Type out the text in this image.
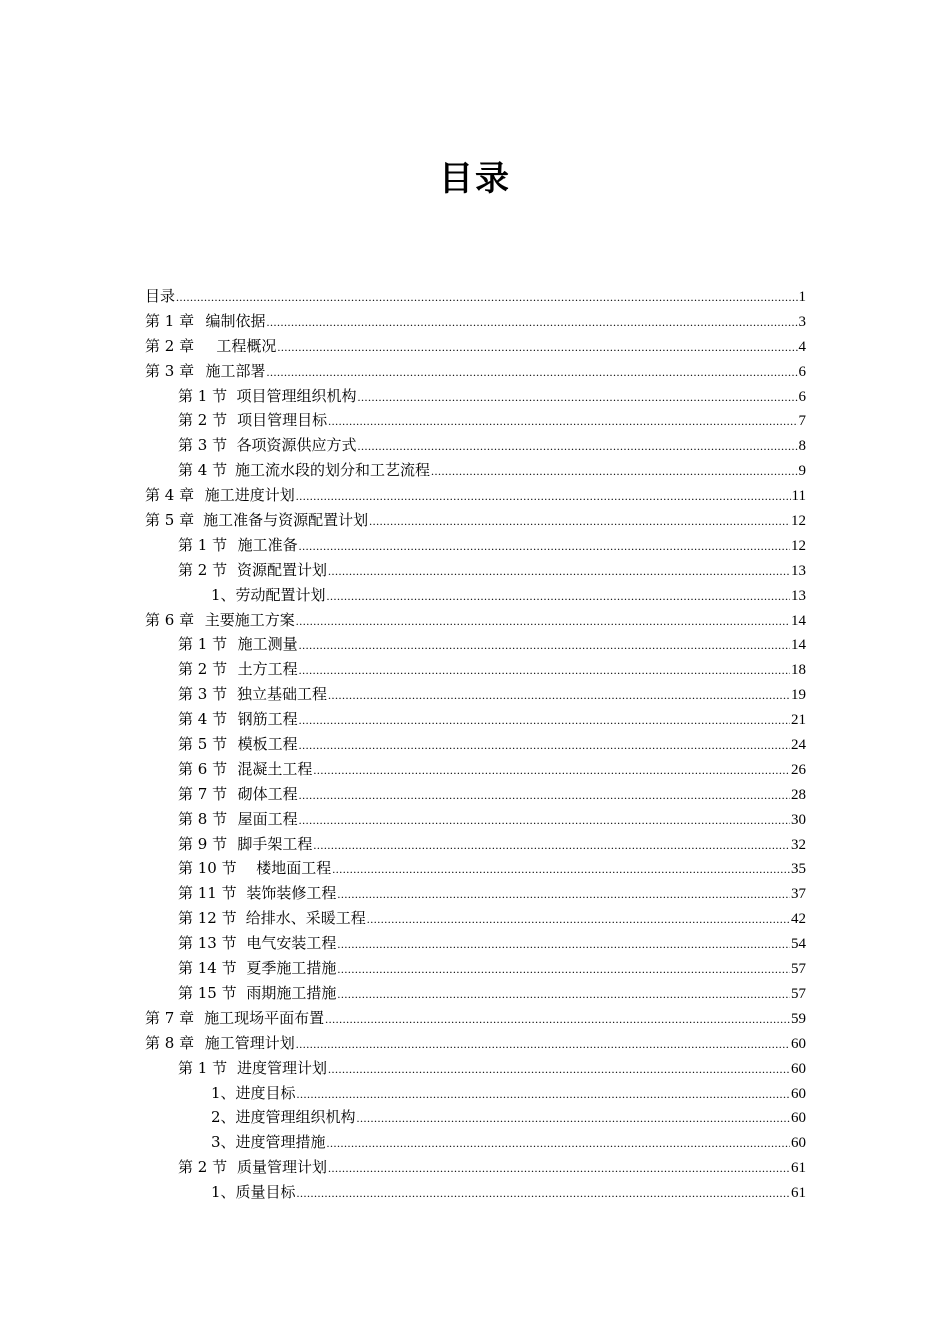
目录
目录 .....	1
第 1 章 编制依据 .....	3
第 2 章 工程概况 .....	4
第 3 章 施工部署 .....	6
第 1 节 项目管理组织机构 .....	6
第 2 节 项目管理目标 .....	7
第 3 节 各项资源供应方式 .....	8
第 4 节 施工流水段的划分和工艺流程 .....	9
第 4 章 施工进度计划 .....	11
第 5 章 施工准备与资源配置计划 .....	12
第 1 节 施工准备 .....	12
第 2 节 资源配置计划 .....	13
1、劳动配置计划 .....	13
第 6 章 主要施工方案 .....	14
第 1 节 施工测量 .....	14
第 2 节 土方工程 .....	18
第 3 节 独立基础工程 .....	19
第 4 节 钢筋工程 .....	21
第 5 节 模板工程 .....	24
第 6 节 混凝土工程 .....	26
第 7 节 砌体工程 .....	28
第 8 节 屋面工程 .....	30
第 9 节 脚手架工程 .....	32
第 10 节 楼地面工程 .....	35
第 11 节 装饰装修工程 .....	37
第 12 节 给排水、采暖工程 .....	42
第 13 节 电气安装工程 .....	54
第 14 节 夏季施工措施 .....	57
第 15 节 雨期施工措施 .....	57
第 7 章 施工现场平面布置 .....	59
第 8 章 施工管理计划 .....	60
第 1 节 进度管理计划 .....	60
1、进度目标 .....	60
2、进度管理组织机构 .....	60
3、进度管理措施 .....	60
第 2 节 质量管理计划 .....	61
1、质量目标 .....	61
